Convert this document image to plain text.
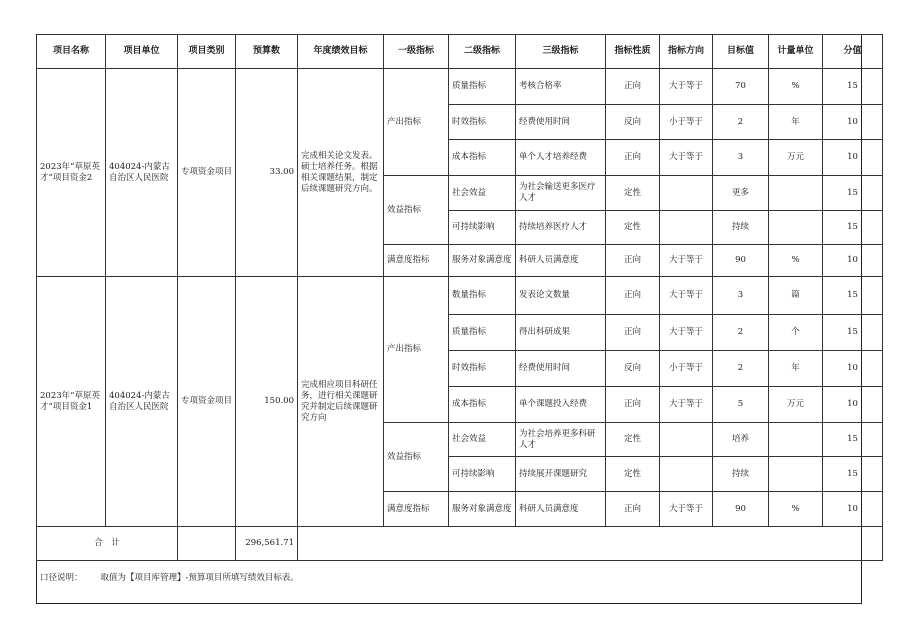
项目名称	项目单位	项目类别	预算数	年度绩效目标	一级指标	二级指标	三级指标	指标性质	指标方向	目标值	计量单位	分值
2023年“草原英才”项目资金2	404024-内蒙古自治区人民医院	专项资金项目	33.00	完成相关论文发表、硕士培养任务。根据相关课题结果，制定后续课题研究方向。	产出指标	质量指标	考核合格率	正向	大于等于	70	%	15
						时效指标	经费使用时间	反向	小于等于	2	年	10
						成本指标	单个人才培养经费	正向	大于等于	3	万元	10
					效益指标	社会效益	为社会输送更多医疗人才	定性		更多		15
						可持续影响	持续培养医疗人才	定性		持续		15
					满意度指标	服务对象满意度	科研人员满意度	正向	大于等于	90	%	10
2023年“草原英才”项目资金1	404024-内蒙古自治区人民医院	专项资金项目	150.00	完成相应项目科研任务，进行相关课题研究并制定后续课题研究方向	产出指标	数量指标	发表论文数量	正向	大于等于	3	篇	15
						质量指标	得出科研成果	正向	大于等于	2	个	15
						时效指标	经费使用时间	反向	小于等于	2	年	10
						成本指标	单个课题投入经费	正向	大于等于	5	万元	10
					效益指标	社会效益	为社会培养更多科研人才	定性		培养		15
						可持续影响	持续展开课题研究	定性		持续		15
					满意度指标	服务对象满意度	科研人员满意度	正向	大于等于	90	%	10
合　计			296,561.71									
口径说明： 取值为【项目库管理】-预算项目所填写绩效目标表。
